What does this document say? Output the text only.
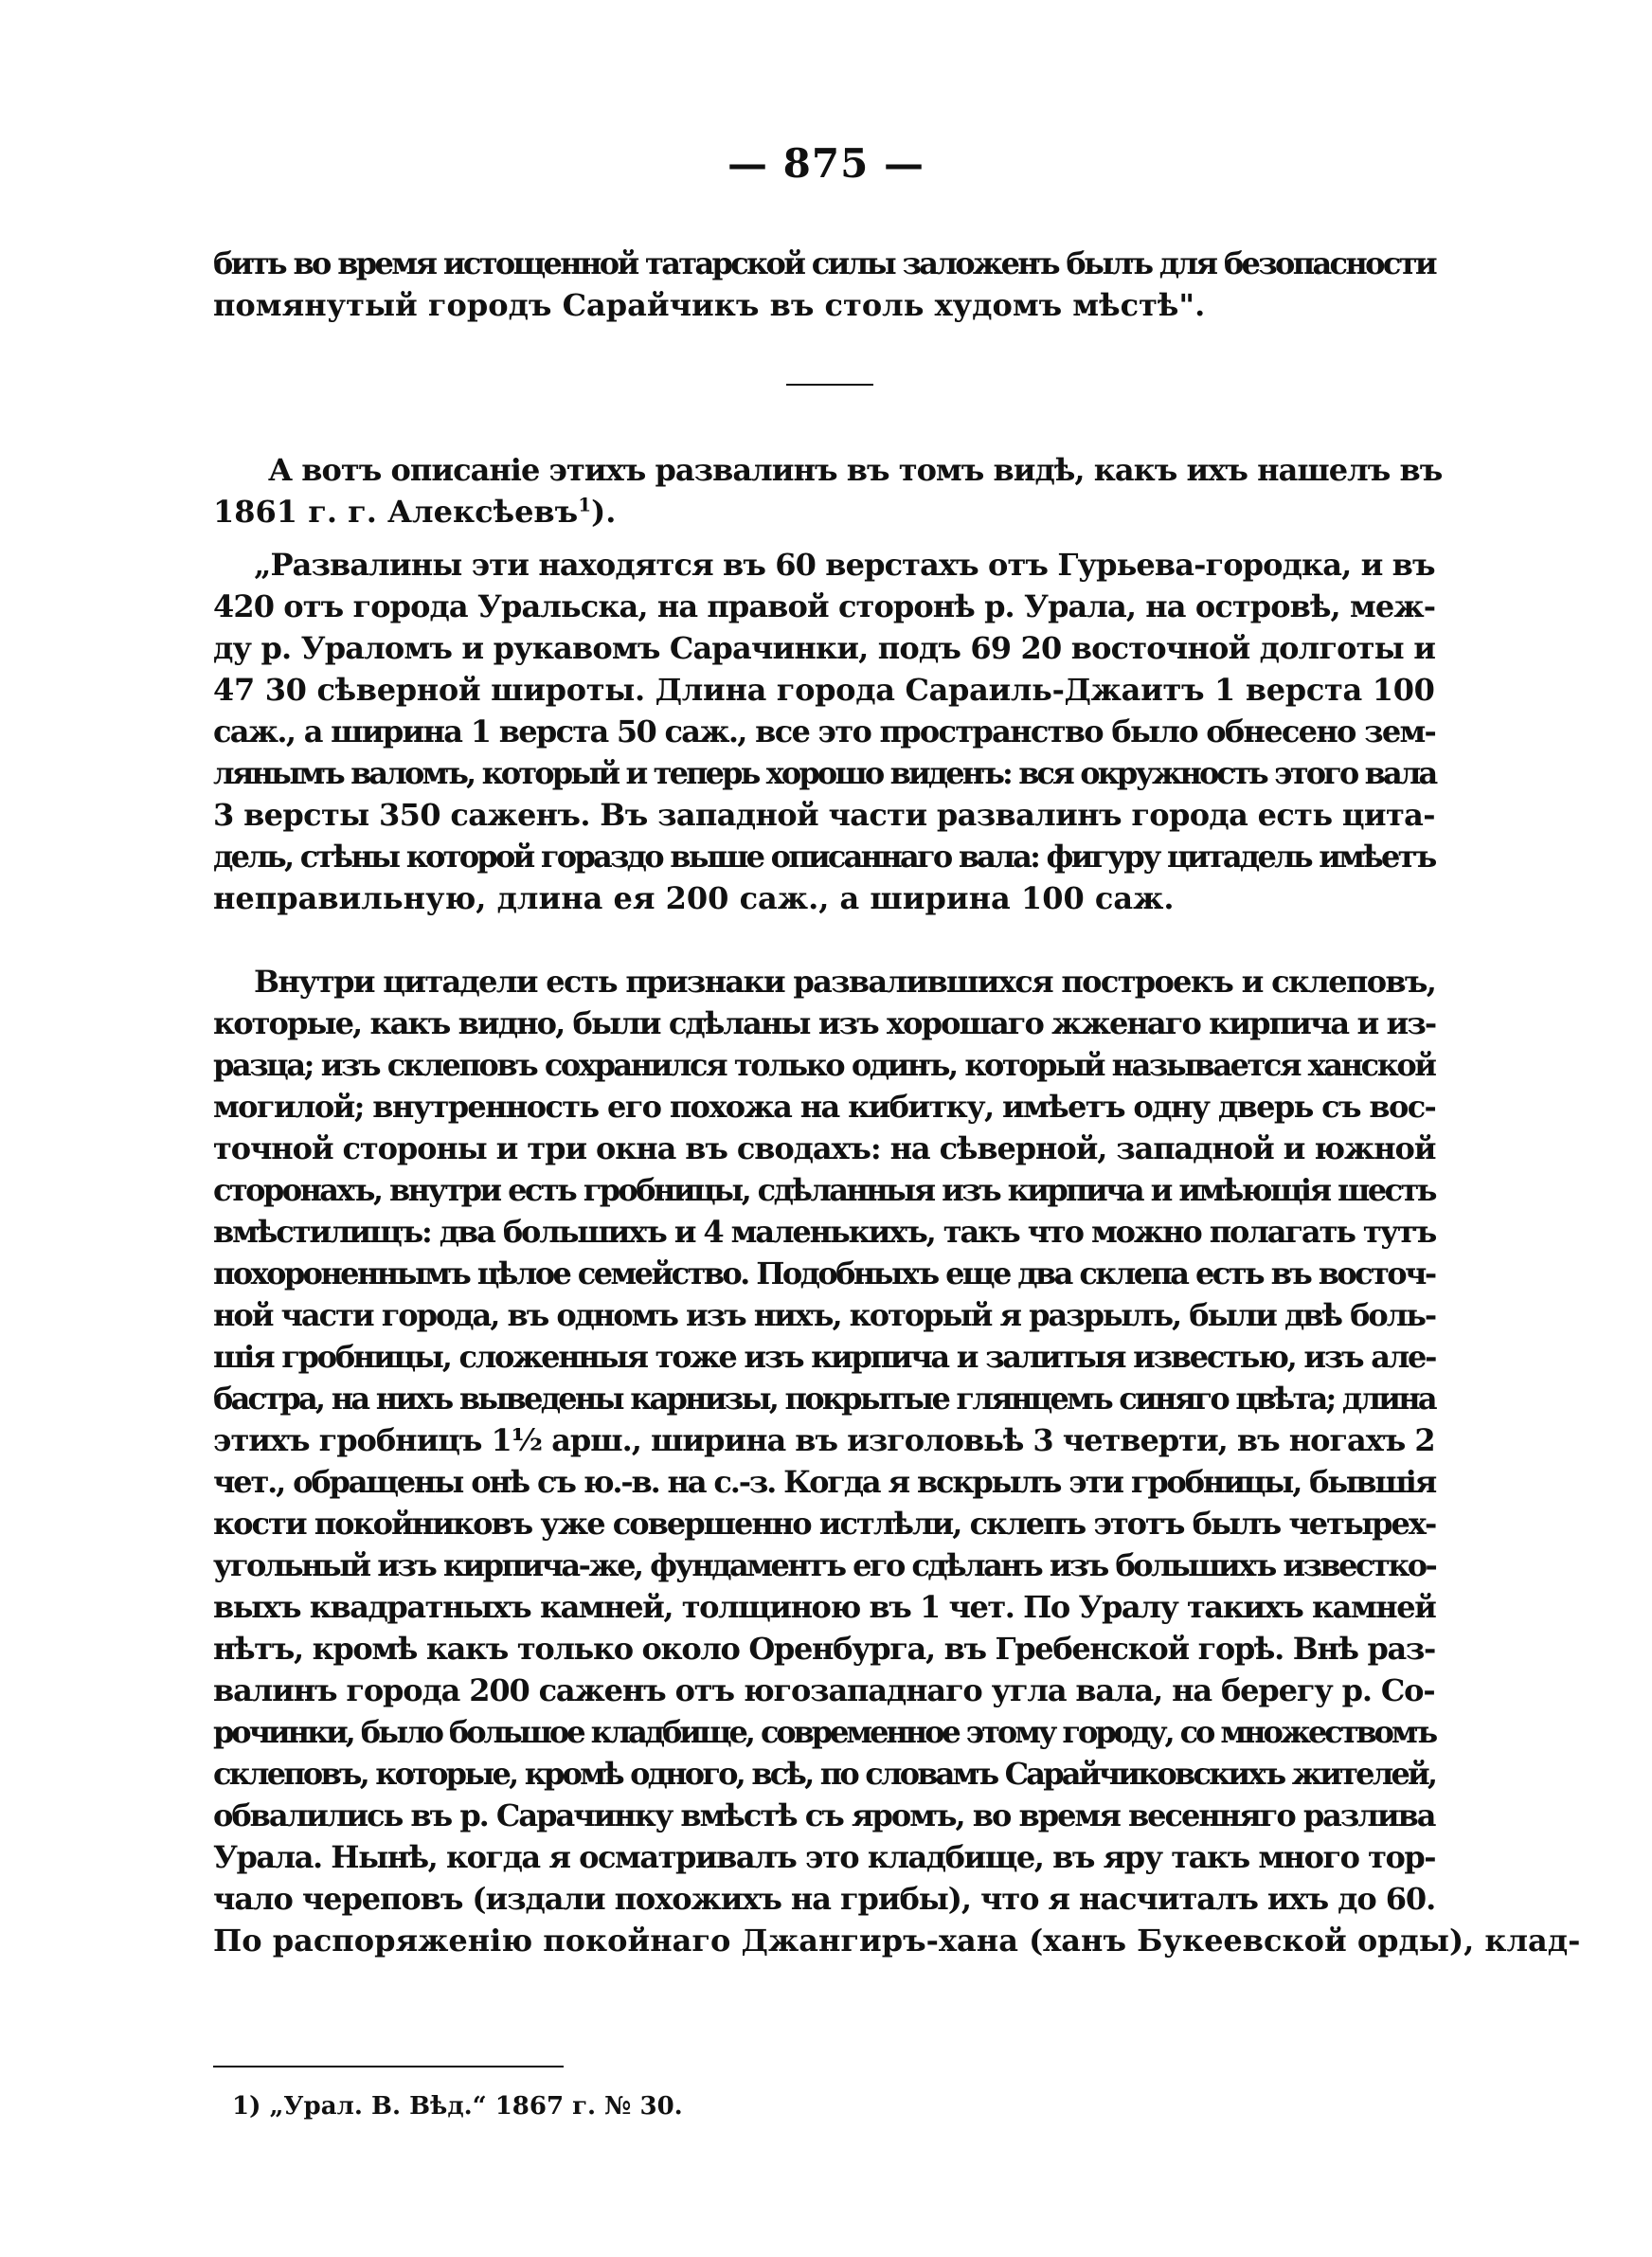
— 875 —
бить во время истощенной татарской силы заложенъ былъ для безопасности
помянутый городъ Сарайчикъ въ столь худомъ мѣстѣ".
А вотъ описаніе этихъ развалинъ въ томъ видѣ, какъ ихъ нашелъ въ
1861 г. г. Алексѣевъ$^1$).
„Развалины эти находятся въ 60 верстахъ отъ Гурьева-городка, и въ
420 отъ города Уральска, на правой сторонѣ р. Урала, на островѣ, меж-
ду р. Ураломъ и рукавомъ Сарачинки, подъ 69 20 восточной долготы и
47 30 сѣверной широты. Длина города Сараиль-Джаитъ 1 верста 100
саж., а ширина 1 верста 50 саж., все это пространство было обнесено зем-
лянымъ валомъ, который и теперь хорошо виденъ: вся окружность этого вала
3 версты 350 саженъ. Въ западной части развалинъ города есть цита-
дель, стѣны которой гораздо выше описаннаго вала: фигуру цитадель имѣетъ
неправильную, длина ея 200 саж., а ширина 100 саж.
Внутри цитадели есть признаки развалившихся построекъ и склеповъ,
которые, какъ видно, были сдѣланы изъ хорошаго жженаго кирпича и из-
разца; изъ склеповъ сохранился только одинъ, который называется ханской
могилой; внутренность его похожа на кибитку, имѣетъ одну дверь съ вос-
точной стороны и три окна въ сводахъ: на сѣверной, западной и южной
сторонахъ, внутри есть гробницы, сдѣланныя изъ кирпича и имѣющія шесть
вмѣстилищъ: два большихъ и 4 маленькихъ, такъ что можно полагать тутъ
похороненнымъ цѣлое семейство. Подобныхъ еще два склепа есть въ восточ-
ной части города, въ одномъ изъ нихъ, который я разрылъ, были двѣ боль-
шія гробницы, сложенныя тоже изъ кирпича и залитыя известью, изъ але-
бастра, на нихъ выведены карнизы, покрытые глянцемъ синяго цвѣта; длина
этихъ гробницъ 1½ арш., ширина въ изголовьѣ 3 четверти, въ ногахъ 2
чет., обращены онѣ съ ю.-в. на с.-з. Когда я вскрылъ эти гробницы, бывшія
кости покойниковъ уже совершенно истлѣли, склепъ этотъ былъ четырех-
угольный изъ кирпича-же, фундаментъ его сдѣланъ изъ большихъ известко-
выхъ квадратныхъ камней, толщиною въ 1 чет. По Уралу такихъ камней
нѣтъ, кромѣ какъ только около Оренбурга, въ Гребенской горѣ. Внѣ раз-
валинъ города 200 саженъ отъ югозападнаго угла вала, на берегу р. Со-
рочинки, было большое кладбище, современное этому городу, со множествомъ
склеповъ, которые, кромѣ одного, всѣ, по словамъ Сарайчиковскихъ жителей,
обвалились въ р. Сарачинку вмѣстѣ съ яромъ, во время весенняго разлива
Урала. Нынѣ, когда я осматривалъ это кладбище, въ яру такъ много тор-
чало череповъ (издали похожихъ на грибы), что я насчиталъ ихъ до 60.
По распоряженію покойнаго Джангиръ-хана (ханъ Букеевской орды), клад-
1) „Урал. В. Вѣд.“ 1867 г. № 30.
